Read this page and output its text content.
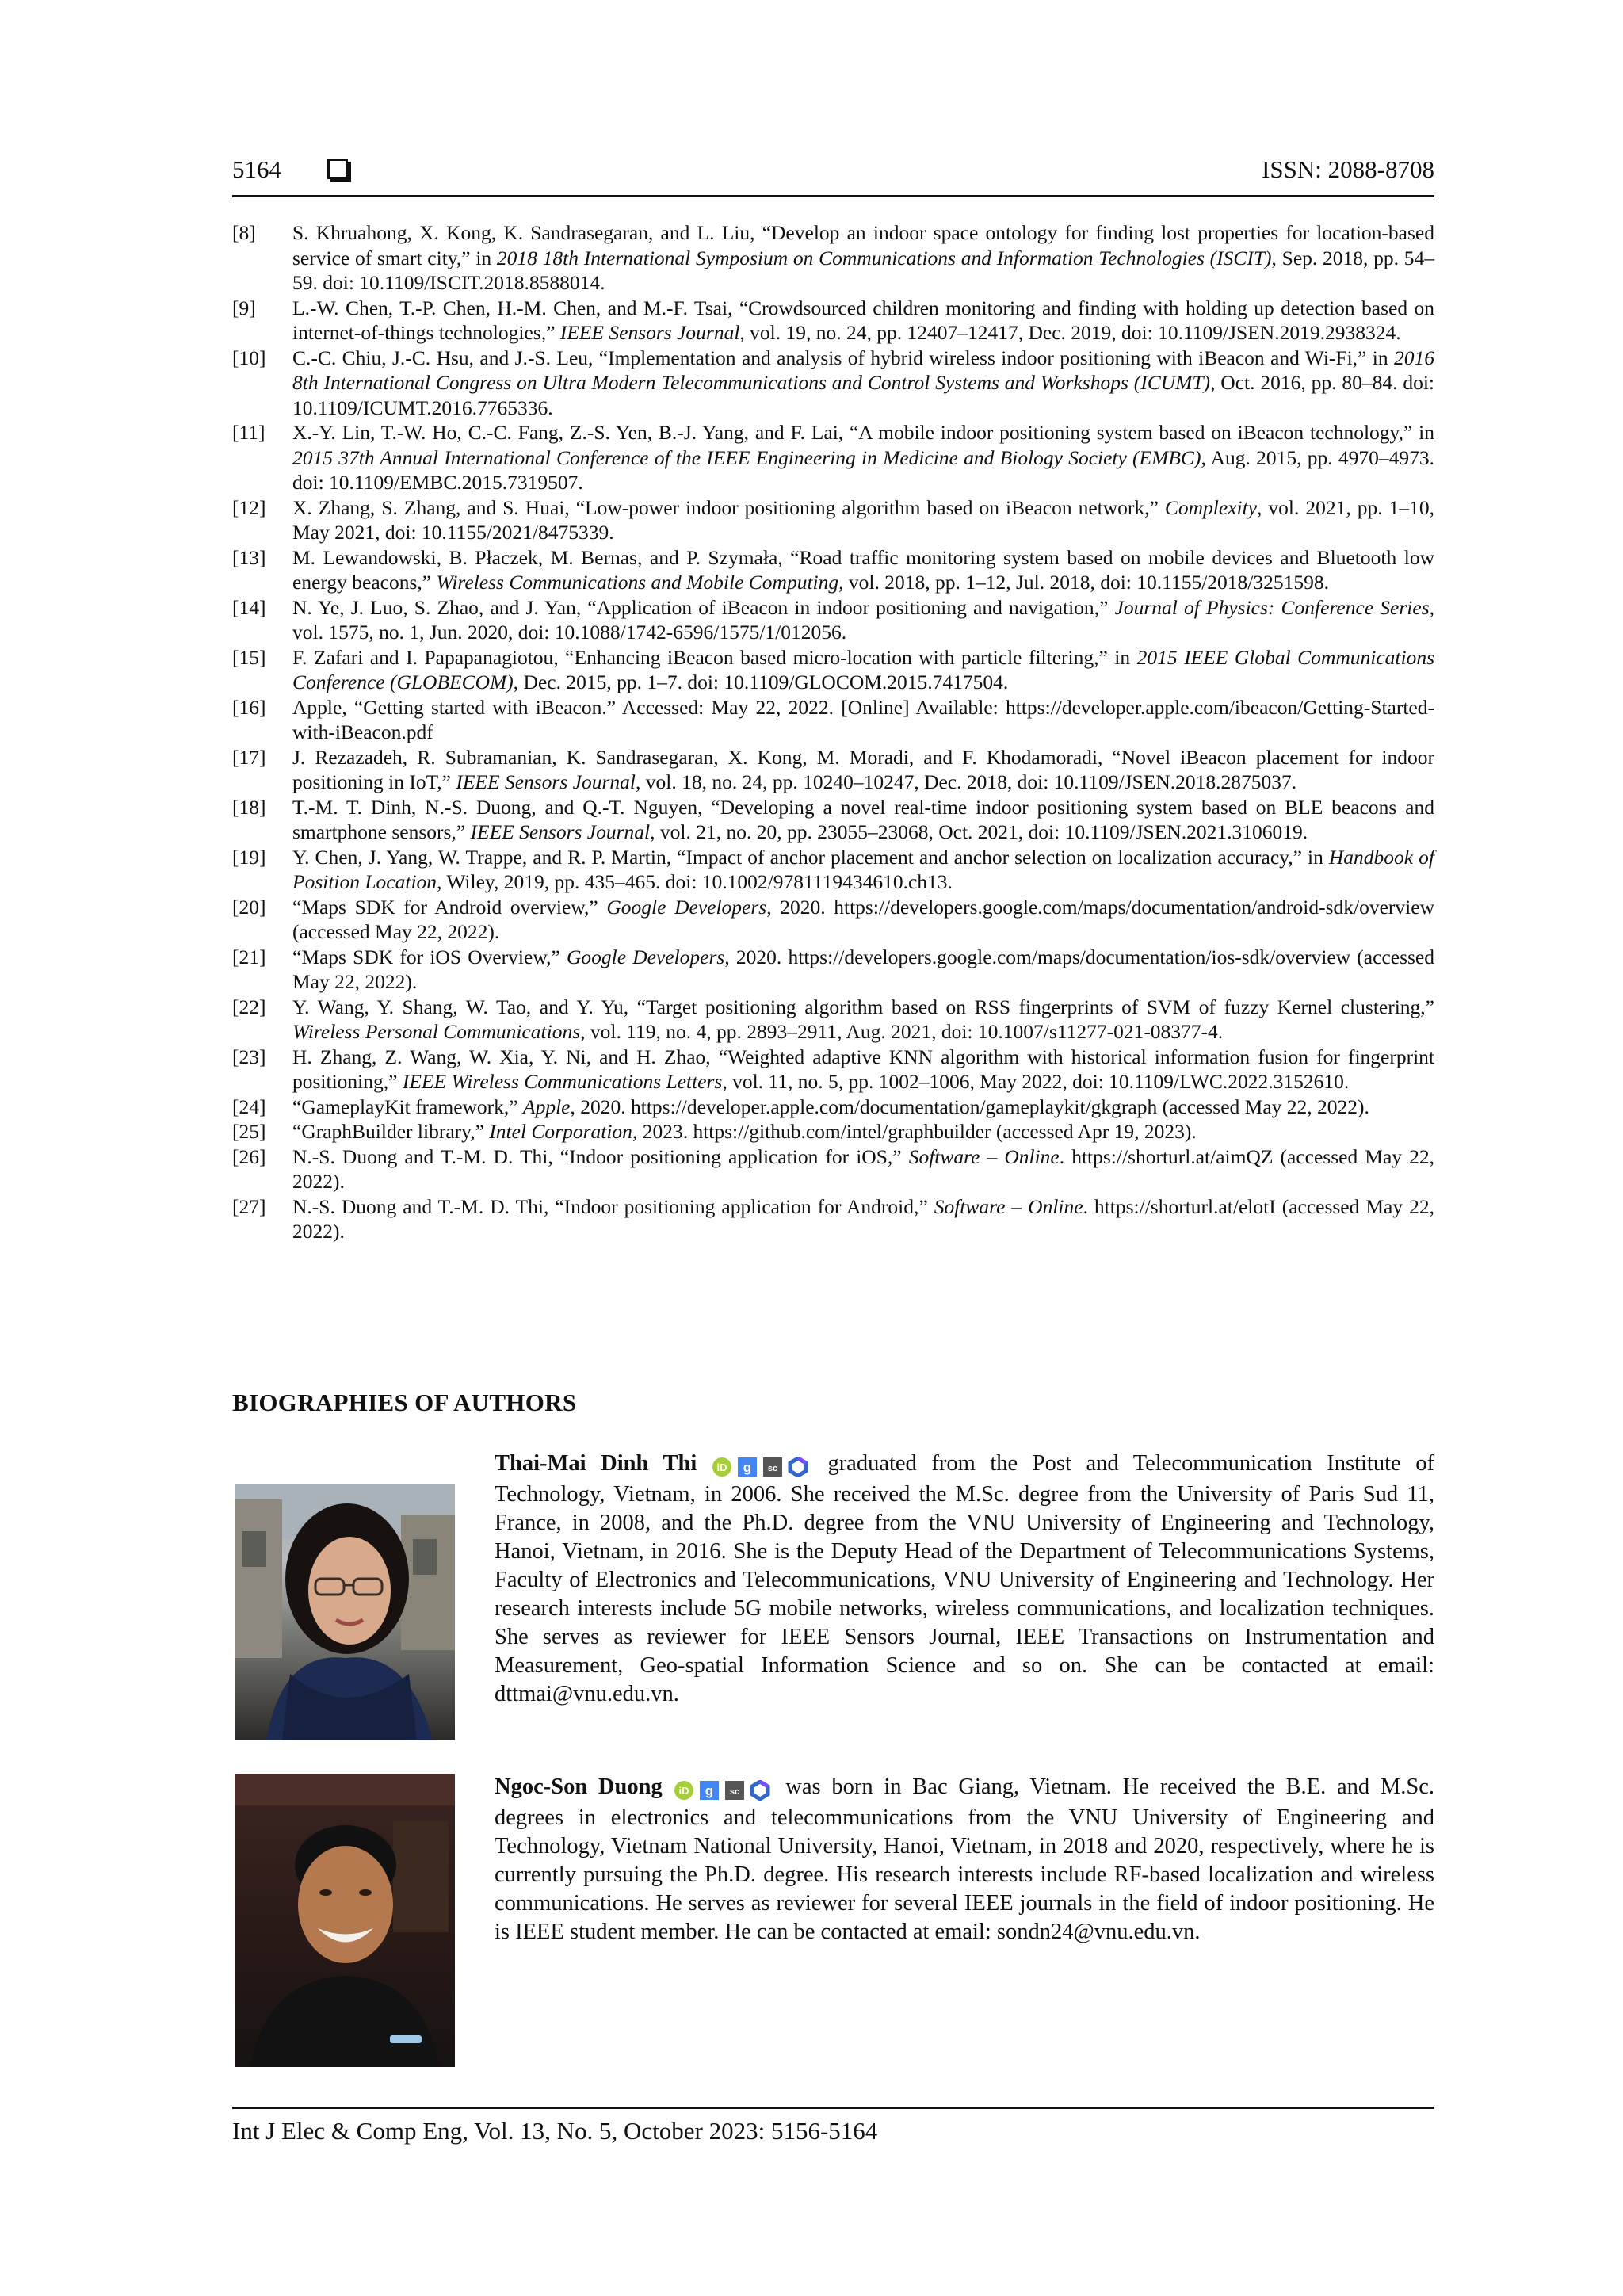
5164	ISSN: 2088-8708
[8] S. Khruahong, X. Kong, K. Sandrasegaran, and L. Liu, “Develop an indoor space ontology for finding lost properties for location-based service of smart city,” in 2018 18th International Symposium on Communications and Information Technologies (ISCIT), Sep. 2018, pp. 54–59. doi: 10.1109/ISCIT.2018.8588014.
[9] L.-W. Chen, T.-P. Chen, H.-M. Chen, and M.-F. Tsai, “Crowdsourced children monitoring and finding with holding up detection based on internet-of-things technologies,” IEEE Sensors Journal, vol. 19, no. 24, pp. 12407–12417, Dec. 2019, doi: 10.1109/JSEN.2019.2938324.
[10] C.-C. Chiu, J.-C. Hsu, and J.-S. Leu, “Implementation and analysis of hybrid wireless indoor positioning with iBeacon and Wi-Fi,” in 2016 8th International Congress on Ultra Modern Telecommunications and Control Systems and Workshops (ICUMT), Oct. 2016, pp. 80–84. doi: 10.1109/ICUMT.2016.7765336.
[11] X.-Y. Lin, T.-W. Ho, C.-C. Fang, Z.-S. Yen, B.-J. Yang, and F. Lai, “A mobile indoor positioning system based on iBeacon technology,” in 2015 37th Annual International Conference of the IEEE Engineering in Medicine and Biology Society (EMBC), Aug. 2015, pp. 4970–4973. doi: 10.1109/EMBC.2015.7319507.
[12] X. Zhang, S. Zhang, and S. Huai, “Low-power indoor positioning algorithm based on iBeacon network,” Complexity, vol. 2021, pp. 1–10, May 2021, doi: 10.1155/2021/8475339.
[13] M. Lewandowski, B. Płaczek, M. Bernas, and P. Szymała, “Road traffic monitoring system based on mobile devices and Bluetooth low energy beacons,” Wireless Communications and Mobile Computing, vol. 2018, pp. 1–12, Jul. 2018, doi: 10.1155/2018/3251598.
[14] N. Ye, J. Luo, S. Zhao, and J. Yan, “Application of iBeacon in indoor positioning and navigation,” Journal of Physics: Conference Series, vol. 1575, no. 1, Jun. 2020, doi: 10.1088/1742-6596/1575/1/012056.
[15] F. Zafari and I. Papapanagiotou, “Enhancing iBeacon based micro-location with particle filtering,” in 2015 IEEE Global Communications Conference (GLOBECOM), Dec. 2015, pp. 1–7. doi: 10.1109/GLOCOM.2015.7417504.
[16] Apple, “Getting started with iBeacon.” Accessed: May 22, 2022. [Online] Available: https://developer.apple.com/ibeacon/Getting-Started-with-iBeacon.pdf
[17] J. Rezazadeh, R. Subramanian, K. Sandrasegaran, X. Kong, M. Moradi, and F. Khodamoradi, “Novel iBeacon placement for indoor positioning in IoT,” IEEE Sensors Journal, vol. 18, no. 24, pp. 10240–10247, Dec. 2018, doi: 10.1109/JSEN.2018.2875037.
[18] T.-M. T. Dinh, N.-S. Duong, and Q.-T. Nguyen, “Developing a novel real-time indoor positioning system based on BLE beacons and smartphone sensors,” IEEE Sensors Journal, vol. 21, no. 20, pp. 23055–23068, Oct. 2021, doi: 10.1109/JSEN.2021.3106019.
[19] Y. Chen, J. Yang, W. Trappe, and R. P. Martin, “Impact of anchor placement and anchor selection on localization accuracy,” in Handbook of Position Location, Wiley, 2019, pp. 435–465. doi: 10.1002/9781119434610.ch13.
[20] “Maps SDK for Android overview,” Google Developers, 2020. https://developers.google.com/maps/documentation/android-sdk/overview (accessed May 22, 2022).
[21] “Maps SDK for iOS Overview,” Google Developers, 2020. https://developers.google.com/maps/documentation/ios-sdk/overview (accessed May 22, 2022).
[22] Y. Wang, Y. Shang, W. Tao, and Y. Yu, “Target positioning algorithm based on RSS fingerprints of SVM of fuzzy Kernel clustering,” Wireless Personal Communications, vol. 119, no. 4, pp. 2893–2911, Aug. 2021, doi: 10.1007/s11277-021-08377-4.
[23] H. Zhang, Z. Wang, W. Xia, Y. Ni, and H. Zhao, “Weighted adaptive KNN algorithm with historical information fusion for fingerprint positioning,” IEEE Wireless Communications Letters, vol. 11, no. 5, pp. 1002–1006, May 2022, doi: 10.1109/LWC.2022.3152610.
[24] “GameplayKit framework,” Apple, 2020. https://developer.apple.com/documentation/gameplaykit/gkgraph (accessed May 22, 2022).
[25] “GraphBuilder library,” Intel Corporation, 2023. https://github.com/intel/graphbuilder (accessed Apr 19, 2023).
[26] N.-S. Duong and T.-M. D. Thi, “Indoor positioning application for iOS,” Software – Online. https://shorturl.at/aimQZ (accessed May 22, 2022).
[27] N.-S. Duong and T.-M. D. Thi, “Indoor positioning application for Android,” Software – Online. https://shorturl.at/elotI (accessed May 22, 2022).
BIOGRAPHIES OF AUTHORS
Thai-Mai Dinh Thi iD g sc graduated from the Post and Telecommunication Institute of Technology, Vietnam, in 2006. She received the M.Sc. degree from the University of Paris Sud 11, France, in 2008, and the Ph.D. degree from the VNU University of Engineering and Technology, Hanoi, Vietnam, in 2016. She is the Deputy Head of the Department of Telecommunications Systems, Faculty of Electronics and Telecommunications, VNU University of Engineering and Technology. Her research interests include 5G mobile networks, wireless communications, and localization techniques. She serves as reviewer for IEEE Sensors Journal, IEEE Transactions on Instrumentation and Measurement, Geo-spatial Information Science and so on. She can be contacted at email: dttmai@vnu.edu.vn.
Ngoc-Son Duong iD g sc was born in Bac Giang, Vietnam. He received the B.E. and M.Sc. degrees in electronics and telecommunications from the VNU University of Engineering and Technology, Vietnam National University, Hanoi, Vietnam, in 2018 and 2020, respectively, where he is currently pursuing the Ph.D. degree. His research interests include RF-based localization and wireless communications. He serves as reviewer for several IEEE journals in the field of indoor positioning. He is IEEE student member. He can be contacted at email: sondn24@vnu.edu.vn.
Int J Elec & Comp Eng, Vol. 13, No. 5, October 2023: 5156-5164
